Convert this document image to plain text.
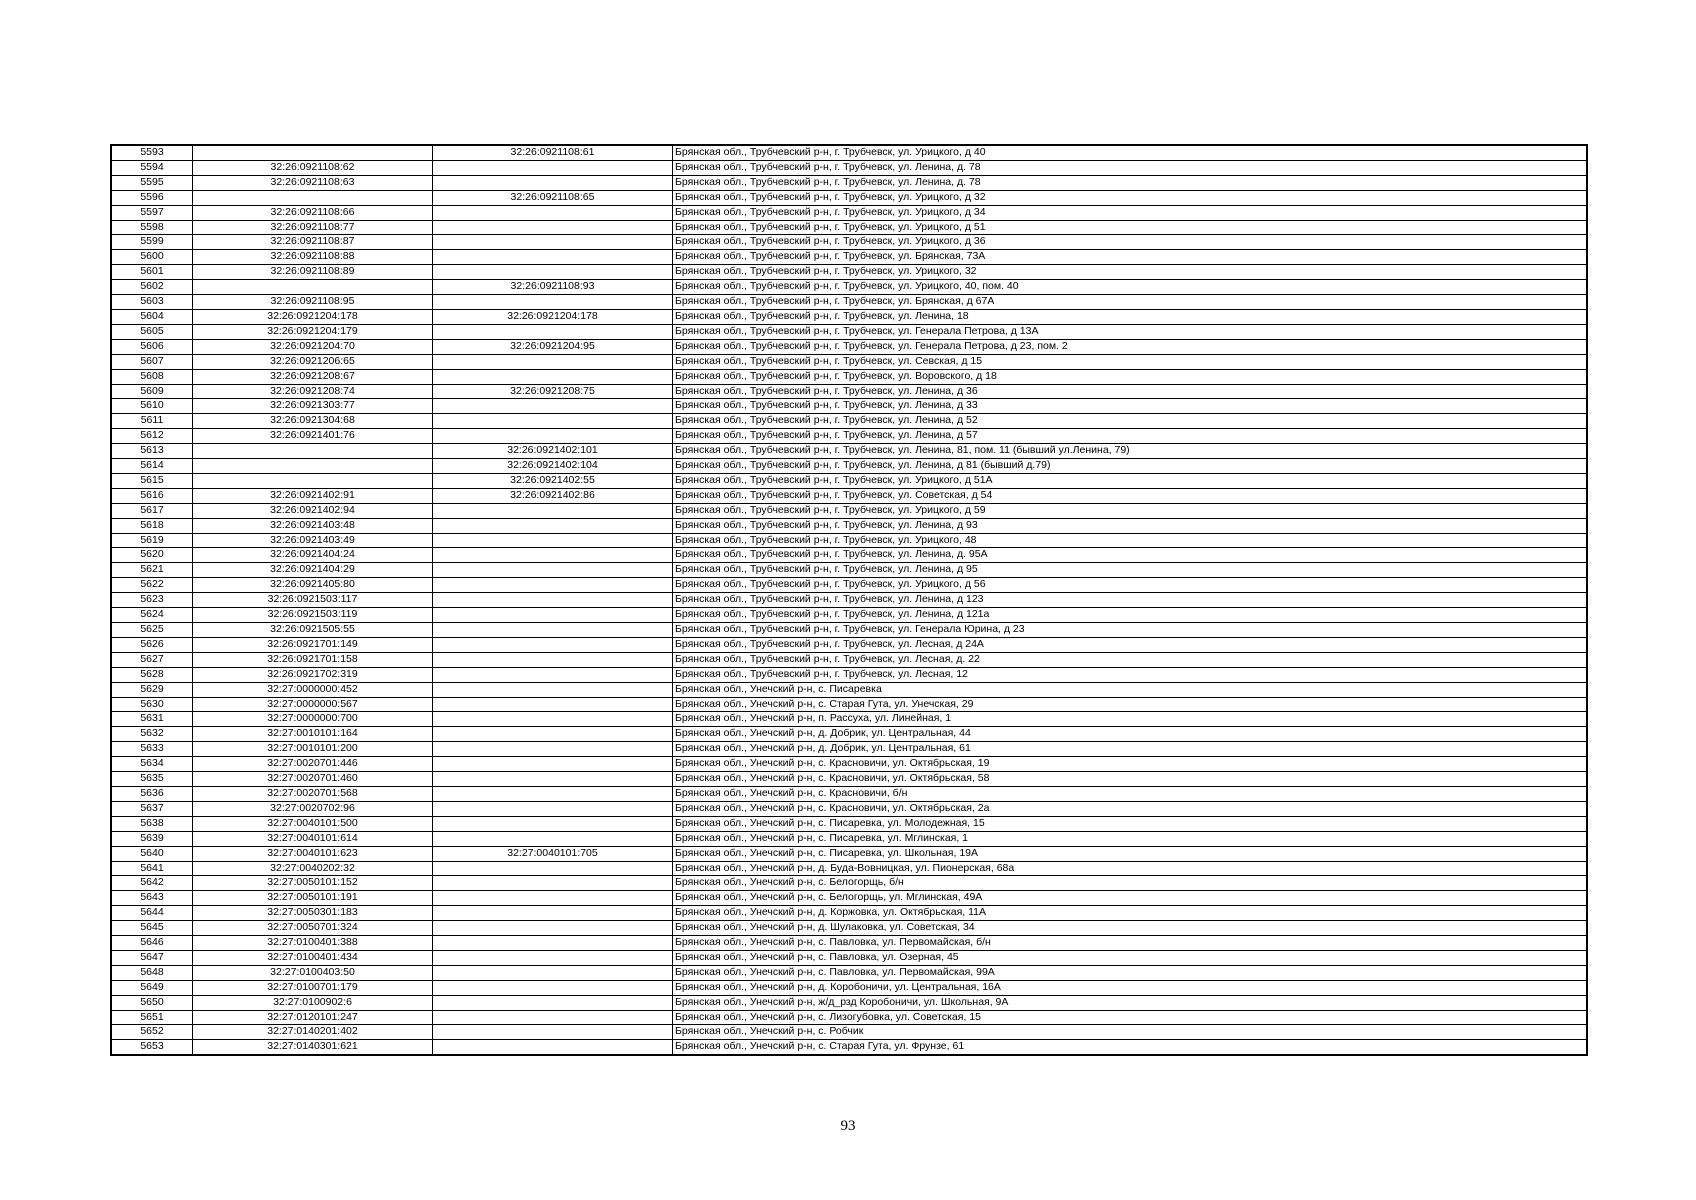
5593		32:26:0921108:61	Брянская обл., Трубчевский р-н, г. Трубчевск, ул. Урицкого, д 40
5594	32:26:0921108:62		Брянская обл., Трубчевский р-н, г. Трубчевск, ул. Ленина, д. 78
5595	32:26:0921108:63		Брянская обл., Трубчевский р-н, г. Трубчевск, ул. Ленина, д. 78
5596		32:26:0921108:65	Брянская обл., Трубчевский р-н, г. Трубчевск, ул. Урицкого, д 32
5597	32:26:0921108:66		Брянская обл., Трубчевский р-н, г. Трубчевск, ул. Урицкого, д 34
5598	32:26:0921108:77		Брянская обл., Трубчевский р-н, г. Трубчевск, ул. Урицкого, д 51
5599	32:26:0921108:87		Брянская обл., Трубчевский р-н, г. Трубчевск, ул. Урицкого, д 36
5600	32:26:0921108:88		Брянская обл., Трубчевский р-н, г. Трубчевск, ул. Брянская, 73А
5601	32:26:0921108:89		Брянская обл., Трубчевский р-н, г. Трубчевск, ул. Урицкого, 32
5602		32:26:0921108:93	Брянская обл., Трубчевский р-н, г. Трубчевск, ул. Урицкого, 40, пом. 40
5603	32:26:0921108:95		Брянская обл., Трубчевский р-н, г. Трубчевск, ул. Брянская, д 67А
5604	32:26:0921204:178	32:26:0921204:178	Брянская обл., Трубчевский р-н, г. Трубчевск, ул. Ленина, 18
5605	32:26:0921204:179		Брянская обл., Трубчевский р-н, г. Трубчевск, ул. Генерала Петрова, д 13А
5606	32:26:0921204:70	32:26:0921204:95	Брянская обл., Трубчевский р-н, г. Трубчевск, ул. Генерала Петрова, д 23, пом. 2
5607	32:26:0921206:65		Брянская обл., Трубчевский р-н, г. Трубчевск, ул. Севская, д 15
5608	32:26:0921208:67		Брянская обл., Трубчевский р-н, г. Трубчевск, ул. Воровского, д 18
5609	32:26:0921208:74	32:26:0921208:75	Брянская обл., Трубчевский р-н, г. Трубчевск, ул. Ленина, д 36
5610	32:26:0921303:77		Брянская обл., Трубчевский р-н, г. Трубчевск, ул. Ленина, д 33
5611	32:26:0921304:68		Брянская обл., Трубчевский р-н, г. Трубчевск, ул. Ленина, д 52
5612	32:26:0921401:76		Брянская обл., Трубчевский р-н, г. Трубчевск, ул. Ленина, д 57
5613		32:26:0921402:101	Брянская обл., Трубчевский р-н, г. Трубчевск, ул. Ленина, 81, пом. 11 (бывший ул.Ленина, 79)
5614		32:26:0921402:104	Брянская обл., Трубчевский р-н, г. Трубчевск, ул. Ленина, д 81 (бывший д.79)
5615		32:26:0921402:55	Брянская обл., Трубчевский р-н, г. Трубчевск, ул. Урицкого, д 51А
5616	32:26:0921402:91	32:26:0921402:86	Брянская обл., Трубчевский р-н, г. Трубчевск, ул. Советская, д 54
5617	32:26:0921402:94		Брянская обл., Трубчевский р-н, г. Трубчевск, ул. Урицкого, д 59
5618	32:26:0921403:48		Брянская обл., Трубчевский р-н, г. Трубчевск, ул. Ленина, д 93
5619	32:26:0921403:49		Брянская обл., Трубчевский р-н, г. Трубчевск, ул. Урицкого, 48
5620	32:26:0921404:24		Брянская обл., Трубчевский р-н, г. Трубчевск, ул. Ленина, д. 95А
5621	32:26:0921404:29		Брянская обл., Трубчевский р-н, г. Трубчевск, ул. Ленина, д 95
5622	32:26:0921405:80		Брянская обл., Трубчевский р-н, г. Трубчевск, ул. Урицкого, д 56
5623	32:26:0921503:117		Брянская обл., Трубчевский р-н, г. Трубчевск, ул. Ленина, д 123
5624	32:26:0921503:119		Брянская обл., Трубчевский р-н, г. Трубчевск, ул. Ленина, д 121а
5625	32:26:0921505:55		Брянская обл., Трубчевский р-н, г. Трубчевск, ул. Генерала Юрина, д 23
5626	32:26:0921701:149		Брянская обл., Трубчевский р-н, г. Трубчевск, ул. Лесная, д 24А
5627	32:26:0921701:158		Брянская обл., Трубчевский р-н, г. Трубчевск, ул. Лесная, д. 22
5628	32:26:0921702:319		Брянская обл., Трубчевский р-н, г. Трубчевск, ул. Лесная, 12
5629	32:27:0000000:452		Брянская обл., Унечский р-н, с. Писаревка
5630	32:27:0000000:567		Брянская обл., Унечский р-н, с. Старая Гута, ул. Унечская, 29
5631	32:27:0000000:700		Брянская обл., Унечский р-н, п. Рассуха, ул. Линейная, 1
5632	32:27:0010101:164		Брянская обл., Унечский р-н, д. Добрик, ул. Центральная, 44
5633	32:27:0010101:200		Брянская обл., Унечский р-н, д. Добрик, ул. Центральная, 61
5634	32:27:0020701:446		Брянская обл., Унечский р-н, с. Красновичи, ул. Октябрьская, 19
5635	32:27:0020701:460		Брянская обл., Унечский р-н, с. Красновичи, ул. Октябрьская, 58
5636	32:27:0020701:568		Брянская обл., Унечский р-н, с. Красновичи, б/н
5637	32:27:0020702:96		Брянская обл., Унечский р-н, с. Красновичи, ул. Октябрьская, 2а
5638	32:27:0040101:500		Брянская обл., Унечский р-н, с. Писаревка, ул. Молодежная, 15
5639	32:27:0040101:614		Брянская обл., Унечский р-н, с. Писаревка, ул. Мглинская, 1
5640	32:27:0040101:623	32:27:0040101:705	Брянская обл., Унечский р-н, с. Писаревка, ул. Школьная, 19А
5641	32:27:0040202:32		Брянская обл., Унечский р-н, д. Буда-Вовницкая, ул. Пионерская, 68а
5642	32:27:0050101:152		Брянская обл., Унечский р-н, с. Белогорщь, б/н
5643	32:27:0050101:191		Брянская обл., Унечский р-н, с. Белогорщь, ул. Мглинская, 49А
5644	32:27:0050301:183		Брянская обл., Унечский р-н, д. Коржовка, ул. Октябрьская, 11А
5645	32:27:0050701:324		Брянская обл., Унечский р-н, д. Шулаковка, ул. Советская, 34
5646	32:27:0100401:388		Брянская обл., Унечский р-н, с. Павловка, ул. Первомайская, б/н
5647	32:27:0100401:434		Брянская обл., Унечский р-н, с. Павловка, ул. Озерная, 45
5648	32:27:0100403:50		Брянская обл., Унечский р-н, с. Павловка, ул. Первомайская, 99А
5649	32:27:0100701:179		Брянская обл., Унечский р-н, д. Коробоничи, ул. Центральная, 16А
5650	32:27:0100902:6		Брянская обл., Унечский р-н, ж/д_рзд Коробоничи, ул. Школьная, 9А
5651	32:27:0120101:247		Брянская обл., Унечский р-н, с. Лизогубовка, ул. Советская, 15
5652	32:27:0140201:402		Брянская обл., Унечский р-н, с. Робчик
5653	32:27:0140301:621		Брянская обл., Унечский р-н, с. Старая Гута, ул. Фрунзе, 61
93
